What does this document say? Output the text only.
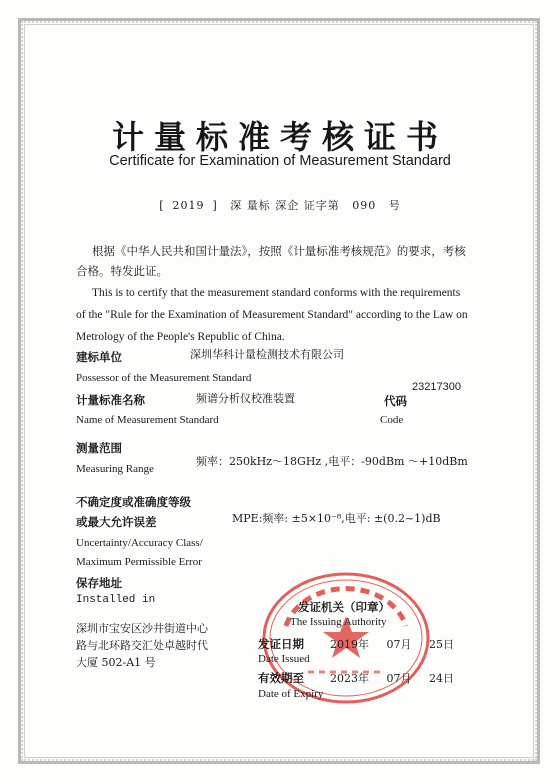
计量标准考核证书
Certificate for Examination of Measurement Standard
[ 2019 ] 深 量标 深企 证字第 090 号
根据《中华人民共和国计量法》，按照《计量标准考核规范》的要求，考核
合格。特发此证。
This is to certify that the measurement standard conforms with the requirements
of the "Rule for the Examination of Measurement Standard" according to the Law on
Metrology of the People's Republic of China.
建标单位	深圳华科计量检测技术有限公司
Possessor of the Measurement Standard
计量标准名称	频谱分析仪校准装置	代码
23217300
Name of Measurement Standard	Code
测量范围
频率：250kHz～18GHz ,电平：-90dBm ～+10dBm
Measuring Range
不确定度或准确度等级
或最大允许误差	MPE:频率: ±5×10⁻⁸,电平: ±(0.2~1)dB
Uncertainty/Accuracy Class/
Maximum Permissible Error
保存地址
Installed in
深圳市宝安区沙井街道中心
路与北环路交汇处卓越时代
大厦 502-A1 号
发证机关（印章）
The Issuing Authority
发证日期 2019年 07月 25日
Date Issued
有效期至 2023年 07月 24日
Date of Expiry
